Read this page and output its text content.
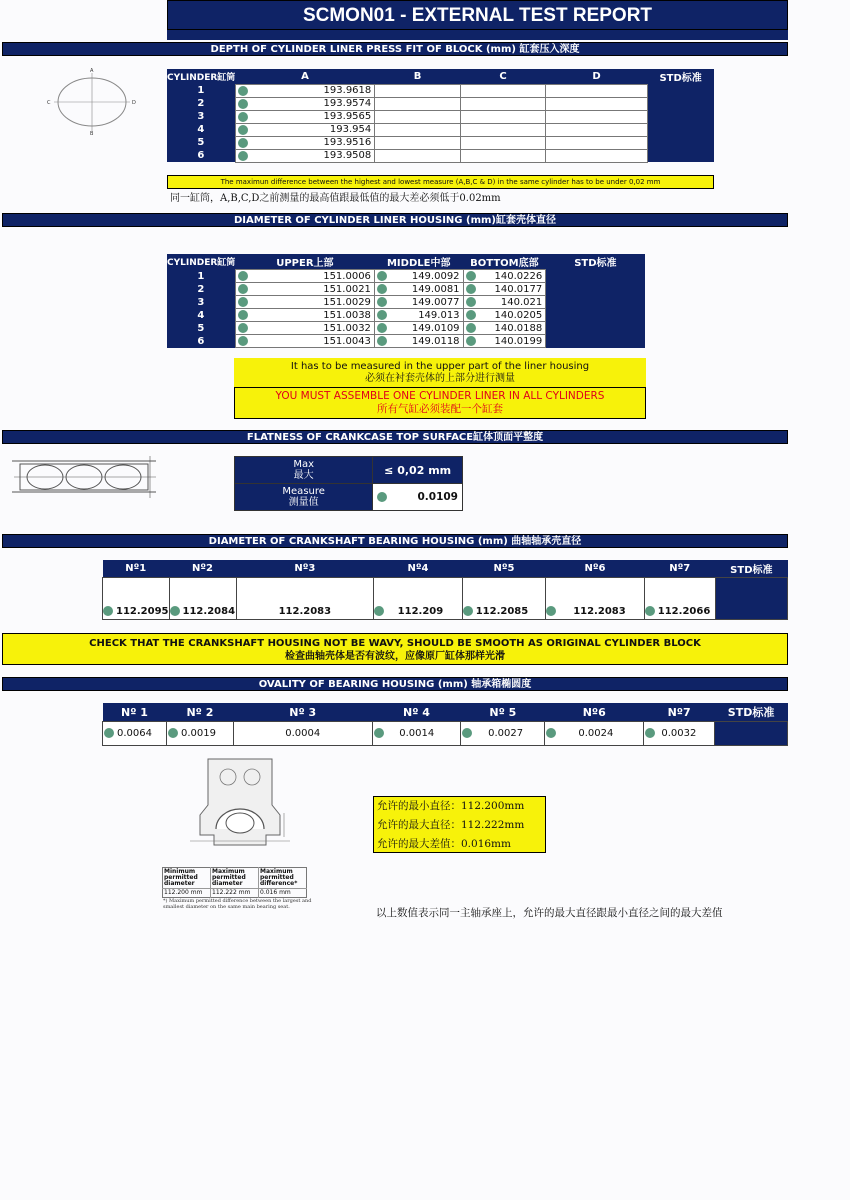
SCMON01 - EXTERNAL TEST REPORT
DEPTH OF CYLINDER LINER PRESS FIT OF BLOCK (mm) 缸套压入深度
A
B
C	D
CYLINDER缸筒	A	B	C	D	STD标准
1	193.9618				
2	193.9574				
3	193.9565				
4	193.954				
5	193.9516				
6	193.9508				
The maximun difference between the highest and lowest measure (A,B,C & D) in the same cylinder has to be under 0,02 mm
同一缸筒，A,B,C,D之前测量的最高值跟最低值的最大差必须低于0.02mm
DIAMETER OF CYLINDER LINER HOUSING (mm)缸套壳体直径
CYLINDER缸筒	UPPER上部	MIDDLE中部	BOTTOM底部	STD标准
1	151.0006	149.0092	140.0226	
2	151.0021	149.0081	140.0177	
3	151.0029	149.0077	140.021	
4	151.0038	149.013	140.0205	
5	151.0032	149.0109	140.0188	
6	151.0043	149.0118	140.0199	
It has to be measured in the upper part of the liner housing
必须在衬套壳体的上部分进行测量
YOU MUST ASSEMBLE ONE CYLINDER LINER IN ALL CYLINDERS
所有气缸必须装配一个缸套
FLATNESS OF CRANKCASE TOP SURFACE缸体顶面平整度
Max
最大	≤ 0,02 mm

Measure
测量值	0.0109
DIAMETER OF CRANKSHAFT BEARING HOUSING (mm) 曲轴轴承壳直径
Nº1	Nº2	Nº3	Nº4	Nº5	Nº6	Nº7	STD标准
112.2095	112.2084	112.2083	112.209	112.2085	112.2083	112.2066	
CHECK THAT THE CRANKSHAFT HOUSING NOT BE WAVY, SHOULD BE SMOOTH AS ORIGINAL CYLINDER BLOCK
检查曲轴壳体是否有波纹，应像原厂缸体那样光滑
OVALITY OF BEARING HOUSING (mm) 轴承箱椭圆度
Nº 1	Nº 2	Nº 3	Nº 4	Nº 5	Nº6	Nº7	STD标准
0.0064	0.0019	0.0004	0.0014	0.0027	0.0024	0.0032	
Minimum permitted diameter	Maximum permitted diameter	Maximum permitted difference*
112.200 mm	112.222 mm	0.016 mm
*) Maximum permitted difference between the largest and smallest diameter on the same main bearing seat.
允许的最小直径：112.200mm
允许的最大直径：112.222mm
允许的最大差值：0.016mm
以上数值表示同一主轴承座上，允许的最大直径跟最小直径之间的最大差值
